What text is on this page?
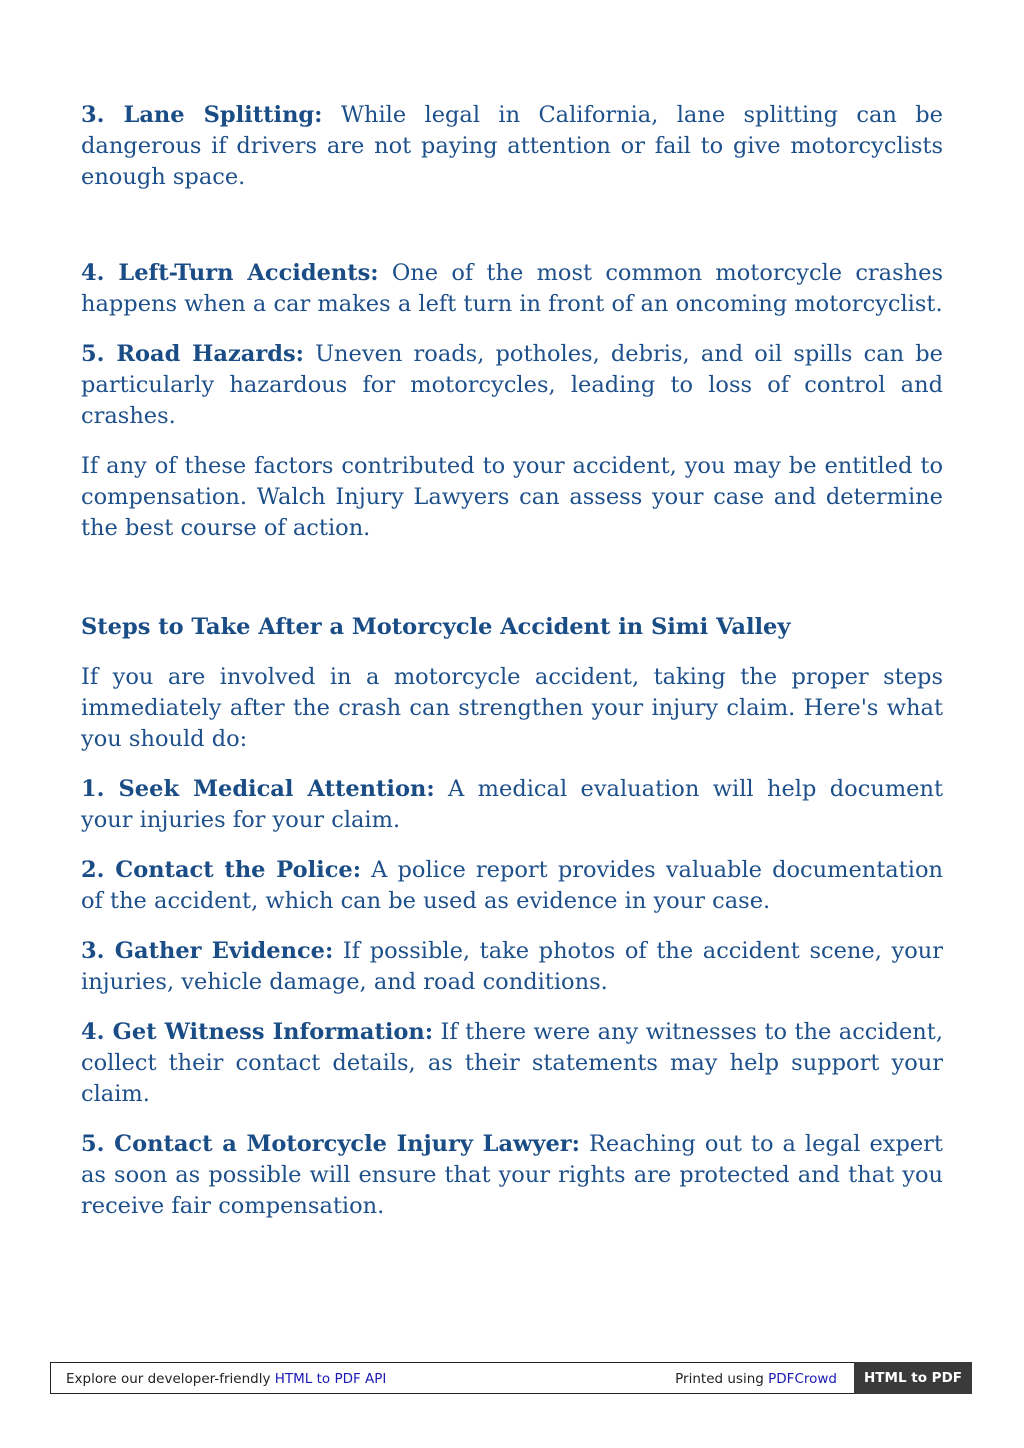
3. Lane Splitting: While legal in California, lane splitting can be dangerous if drivers are not paying attention or fail to give motorcyclists enough space.

4. Left-Turn Accidents: One of the most common motorcycle crashes happens when a car makes a left turn in front of an oncoming motorcyclist.

5. Road Hazards: Uneven roads, potholes, debris, and oil spills can be particularly hazardous for motorcycles, leading to loss of control and crashes.

If any of these factors contributed to your accident, you may be entitled to compensation. Walch Injury Lawyers can assess your case and determine the best course of action.

Steps to Take After a Motorcycle Accident in Simi Valley

If you are involved in a motorcycle accident, taking the proper steps immediately after the crash can strengthen your injury claim. Here's what you should do:

1. Seek Medical Attention: A medical evaluation will help document your injuries for your claim.

2. Contact the Police: A police report provides valuable documentation of the accident, which can be used as evidence in your case.

3. Gather Evidence: If possible, take photos of the accident scene, your injuries, vehicle damage, and road conditions.

4. Get Witness Information: If there were any witnesses to the accident, collect their contact details, as their statements may help support your claim.

5. Contact a Motorcycle Injury Lawyer: Reaching out to a legal expert as soon as possible will ensure that your rights are protected and that you receive fair compensation.

Explore our developer-friendly HTML to PDF API	Printed using PDFCrowd	HTML to PDF
